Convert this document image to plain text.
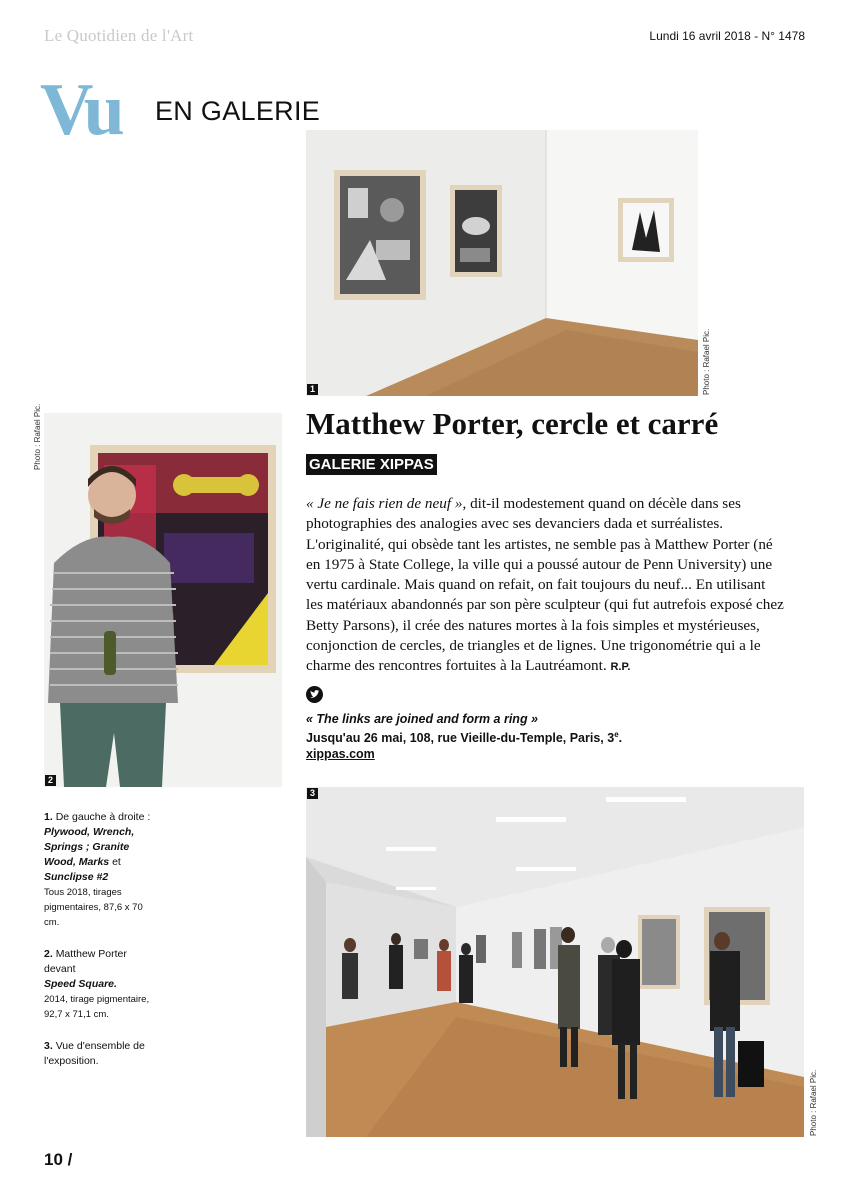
Le Quotidien de l'Art	Lundi 16 avril 2018 - N° 1478
Vu EN GALERIE
1	Photo : Rafael Pic.
Photo : Rafael Pic.
2
Matthew Porter, cercle et carré
GALERIE XIPPAS

« Je ne fais rien de neuf », dit-il modestement quand on décèle dans ses photographies des analogies avec ses devanciers dada et surréalistes. L'originalité, qui obsède tant les artistes, ne semble pas à Matthew Porter (né en 1975 à State College, la ville qui a poussé autour de Penn University) une vertu cardinale. Mais quand on refait, on fait toujours du neuf... En utilisant les matériaux abandonnés par son père sculpteur (qui fut autrefois exposé chez Betty Parsons), il crée des natures mortes à la fois simples et mystérieuses, conjonction de cercles, de triangles et de lignes. Une trigonométrie qui a le charme des rencontres fortuites à la Lautréamont. R.P.

« The links are joined and form a ring »
Jusqu'au 26 mai, 108, rue Vieille-du-Temple, Paris, 3e.
xippas.com
1. De gauche à droite :
Plywood, Wrench, Springs ; Granite Wood, Marks et
Sunclipse #2
Tous 2018, tirages pigmentaires, 87,6 x 70 cm.
2. Matthew Porter devant
Speed Square.
2014, tirage pigmentaire, 92,7 x 71,1 cm.
3. Vue d'ensemble de l'exposition.
3
Photo : Rafael Pic.
10 /
